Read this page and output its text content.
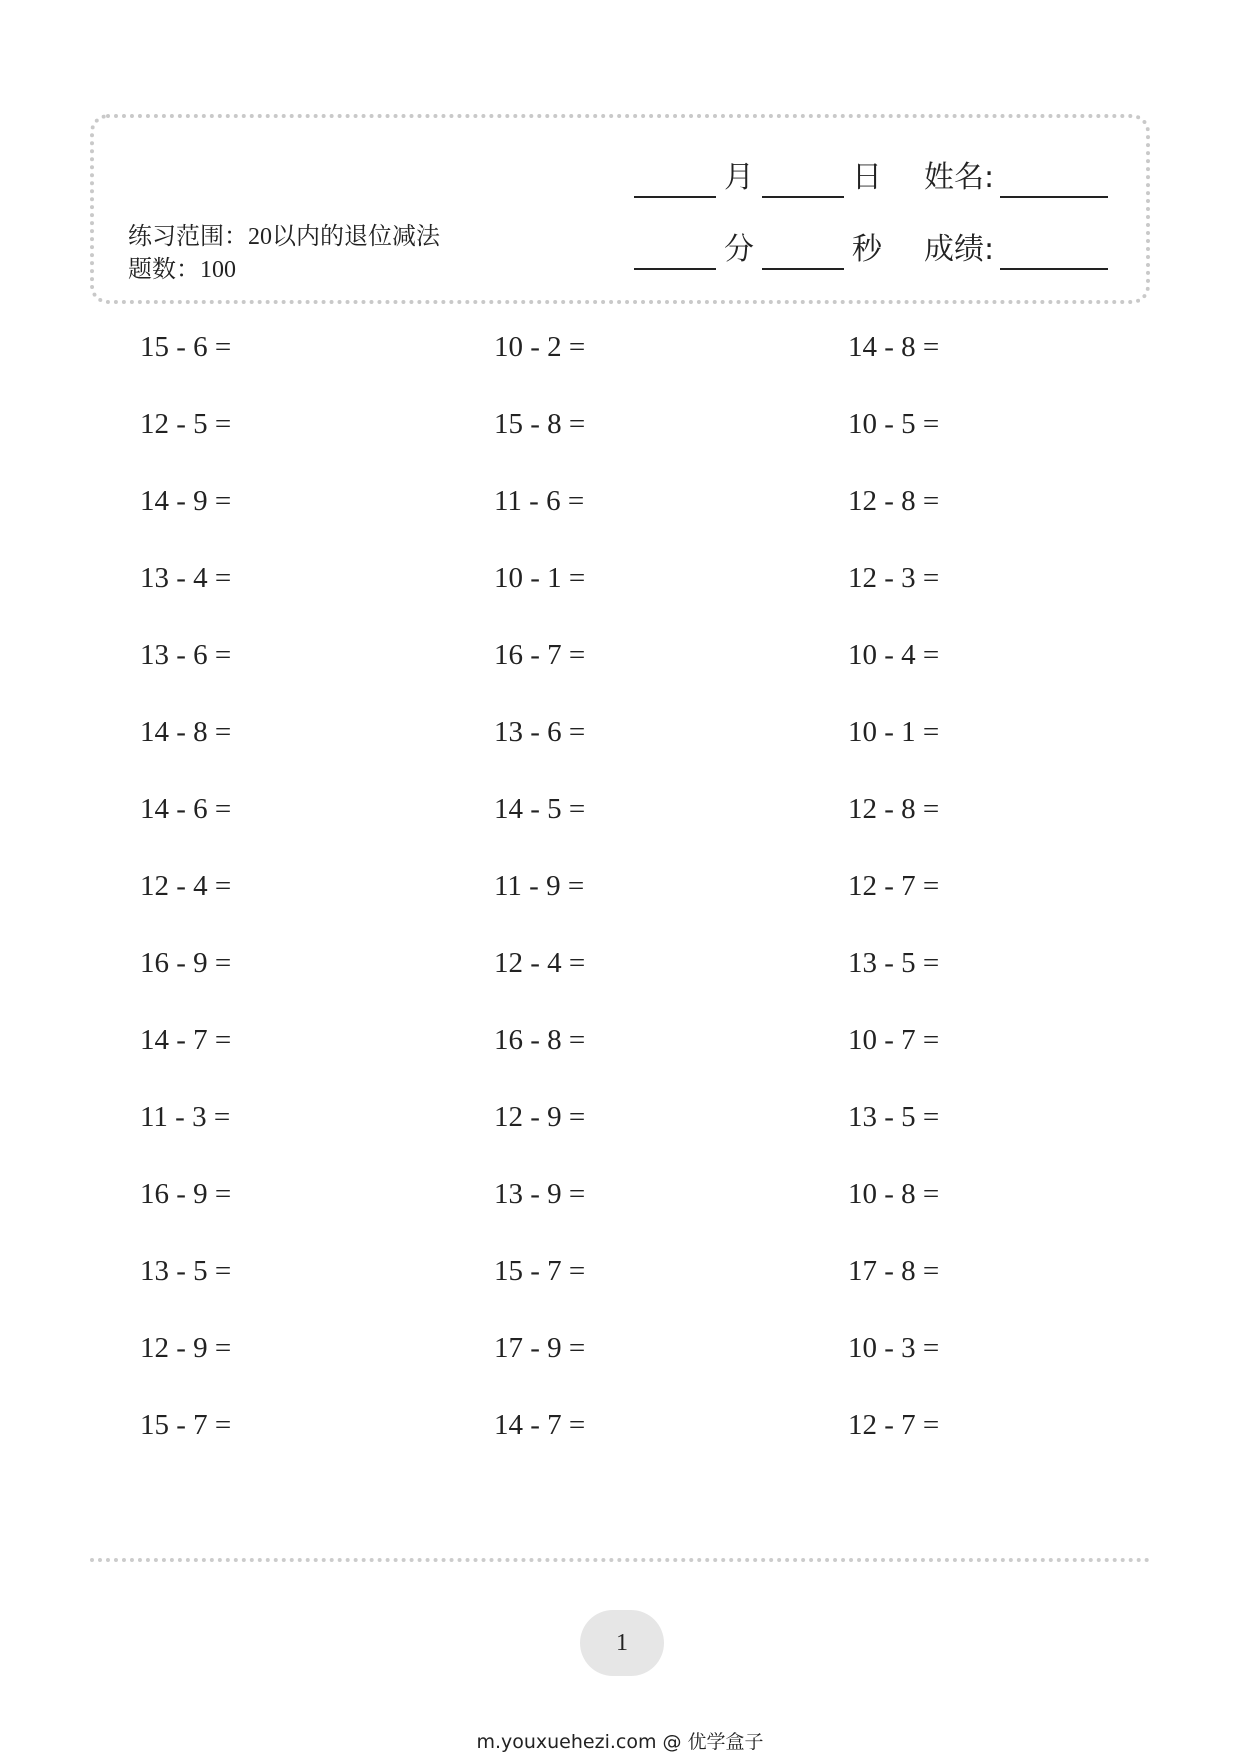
练习范围：20以内的退位减法 题数：100
月	日 姓名:
分	秒 成绩:
15 - 6 =
12 - 5 =
14 - 9 =
13 - 4 =
13 - 6 =
14 - 8 =
14 - 6 =
12 - 4 =
16 - 9 =
14 - 7 =
11 - 3 =
16 - 9 =
13 - 5 =
12 - 9 =
15 - 7 =
10 - 2 =
15 - 8 =
11 - 6 =
10 - 1 =
16 - 7 =
13 - 6 =
14 - 5 =
11 - 9 =
12 - 4 =
16 - 8 =
12 - 9 =
13 - 9 =
15 - 7 =
17 - 9 =
14 - 7 =
14 - 8 =
10 - 5 =
12 - 8 =
12 - 3 =
10 - 4 =
10 - 1 =
12 - 8 =
12 - 7 =
13 - 5 =
10 - 7 =
13 - 5 =
10 - 8 =
17 - 8 =
10 - 3 =
12 - 7 =
1
m.youxuehezi.com @ 优学盒子
